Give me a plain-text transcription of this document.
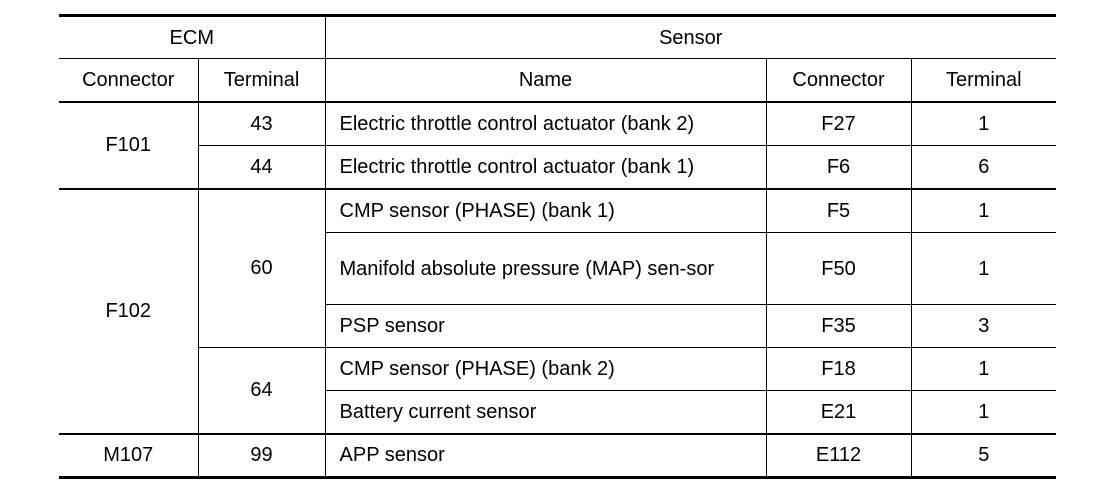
ECM		Sensor		
Connector	Terminal	Name	Connector	Terminal
F101	43	Electric throttle control actuator (bank 2)	F27	1
	44	Electric throttle control actuator (bank 1)	F6	6
F102	60	CMP sensor (PHASE) (bank 1)	F5	1
		Manifold absolute pressure (MAP) sen-sor	F50	1
		PSP sensor	F35	3
	64	CMP sensor (PHASE) (bank 2)	F18	1
		Battery current sensor	E21	1
M107	99	APP sensor	E112	5
